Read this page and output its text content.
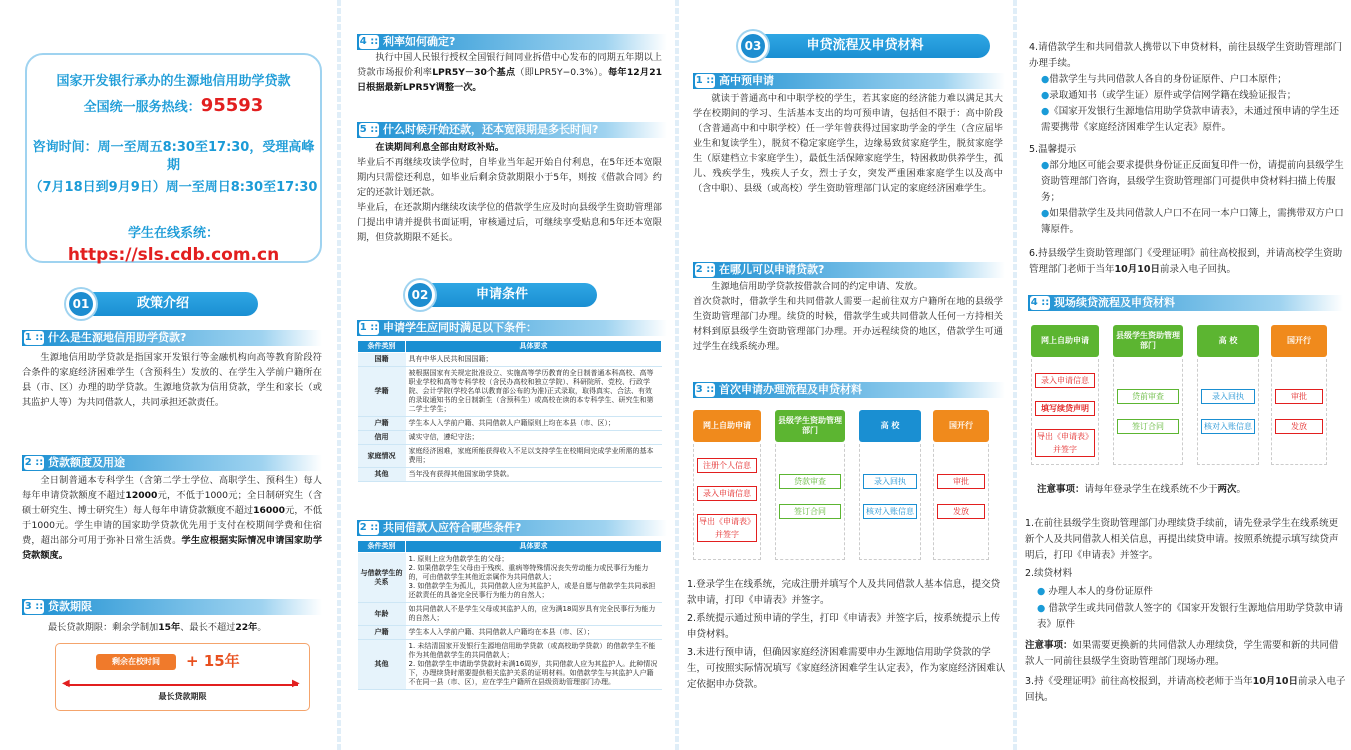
国家开发银行承办的生源地信用助学贷款
全国统一服务热线：95593
咨询时间：周一至周五8:30至17:30，受理高峰期
（7月18日到9月9日）周一至周日8:30至17:30
学生在线系统：
https://sls.cdb.com.cn
01	政策介绍
1 :: 什么是生源地信用助学贷款?
生源地信用助学贷款是指国家开发银行等金融机构向高等教育阶段符合条件的家庭经济困难学生（含预科生）发放的、在学生入学前户籍所在县（市、区）办理的助学贷款。生源地贷款为信用贷款，学生和家长（或其监护人等）为共同借款人，共同承担还款责任。
2 :: 贷款额度及用途
全日制普通本专科学生（含第二学士学位、高职学生、预科生）每人每年申请贷款额度不超过12000元，不低于1000元；全日制研究生（含硕士研究生、博士研究生）每人每年申请贷款额度不超过16000元，不低于1000元。学生申请的国家助学贷款优先用于支付在校期间学费和住宿费，超出部分可用于弥补日常生活费。学生应根据实际情况申请国家助学贷款额度。
3 :: 贷款期限
最长贷款期限：剩余学制加15年、最长不超过22年。
剩余在校时间	+ 15年
◀	▶
最长贷款期限
4 :: 利率如何确定?
执行中国人民银行授权全国银行间同业拆借中心发布的同期五年期以上贷款市场报价利率LPR5Y－30个基点（即LPR5Y−0.3%）。每年12月21日根据最新LPR5Y调整一次。
5 :: 什么时候开始还款，还本宽限期是多长时间?
在读期间利息全部由财政补贴。
毕业后不再继续攻读学位时，自毕业当年起开始自付利息，在5年还本宽限期内只需偿还利息，如毕业后剩余贷款期限小于5年，则按《借款合同》约定的还款计划还款。
毕业后，在还款期内继续攻读学位的借款学生应及时向县级学生资助管理部门提出申请并提供书面证明，审核通过后，可继续享受贴息和5年还本宽限期，但贷款期限不延长。
02	申请条件
1 :: 申请学生应同时满足以下条件：
条件类别	具体要求
国籍	具有中华人民共和国国籍；
学籍	被根据国家有关规定批准设立、实施高等学历教育的全日制普通本科高校、高等职业学校和高等专科学校（含民办高校和独立学院）、科研院所、党校、行政学院、会计学院(学校名单以教育部公布的为准)正式录取，取得真实、合法、有效的录取通知书的全日制新生（含预科生）或高校在读的本专科学生、研究生和第二学士学生；
户籍	学生本人入学前户籍、共同借款人户籍原则上均在本县（市、区）；
信用	诚实守信，遵纪守法；
家庭情况	家庭经济困难，家庭所能获得收入不足以支持学生在校期间完成学业所需的基本费用；
其他	当年没有获得其他国家助学贷款。
2 :: 共同借款人应符合哪些条件?
条件类别	具体要求
与借款学生的关系	1. 原则上应为借款学生的父母；
2. 如果借款学生父母由于残疾、重病等特殊情况丧失劳动能力或民事行为能力的，可由借款学生其他近亲属作为共同借款人；
3. 如借款学生为孤儿，共同借款人应为其监护人，或是自愿与借款学生共同承担还款责任的具备完全民事行为能力的自然人；
年龄	如共同借款人不是学生父母或其监护人的，应为满18周岁具有完全民事行为能力的自然人；
户籍	学生本人入学前户籍、共同借款人户籍均在本县（市、区）；
其他	1. 未结清国家开发银行生源地信用助学贷款（或高校助学贷款）的借款学生不能作为其他借款学生的共同借款人；
2. 如借款学生申请助学贷款时未满16周岁，共同借款人应为其监护人。此种情况下，办理续贷时需要提供相关监护关系的证明材料。如借款学生与其监护人户籍不在同一县（市、区），应在学生户籍所在县级资助管理部门办理。
03	申贷流程及申贷材料
1 :: 高中预申请
就读于普通高中和中职学校的学生，若其家庭的经济能力难以满足其大学在校期间的学习、生活基本支出的均可预申请，包括但不限于：高中阶段（含普通高中和中职学校）任一学年曾获得过国家助学金的学生（含应届毕业生和复读学生），脱贫不稳定家庭学生，边缘易致贫家庭学生，脱贫家庭学生（原建档立卡家庭学生），最低生活保障家庭学生，特困救助供养学生，孤儿、残疾学生，残疾人子女，烈士子女，突发严重困难家庭学生以及高中（含中职）、县级（或高校）学生资助管理部门认定的家庭经济困难学生。
2 :: 在哪儿可以申请贷款?
生源地信用助学贷款按借款合同的约定申请、发放。
首次贷款时，借款学生和共同借款人需要一起前往双方户籍所在地的县级学生资助管理部门办理。续贷的时候，借款学生或共同借款人任何一方持相关材料到原县级学生资助管理部门办理。开办远程续贷的地区，借款学生可通过学生在线系统办理。
3 :: 首次申请办理流程及申贷材料
网上自助申请
县级学生资助管理部门
高 校	国开行
注册个人信息
录入申请信息
导出《申请表》并签字
贷款审查
签订合同
录入回执
核对入账信息
审批
发放
1.登录学生在线系统，完成注册并填写个人及共同借款人基本信息，提交贷款申请，打印《申请表》并签字。
2.系统提示通过预申请的学生，打印《申请表》并签字后，按系统提示上传申贷材料。
3.未进行预申请，但确因家庭经济困难需要申办生源地信用助学贷款的学生，可按照实际情况填写《家庭经济困难学生认定表》，作为家庭经济困难认定依据申办贷款。
4.请借款学生和共同借款人携带以下申贷材料，前往县级学生资助管理部门办理手续。
●借款学生与共同借款人各自的身份证原件、户口本原件；
●录取通知书（或学生证）原件或学信网学籍在线验证报告；
●《国家开发银行生源地信用助学贷款申请表》，未通过预申请的学生还需要携带《家庭经济困难学生认定表》原件。
5.温馨提示
●部分地区可能会要求提供身份证正反面复印件一份，请提前向县级学生资助管理部门咨询，县级学生资助管理部门可提供申贷材料扫描上传服务；
●如果借款学生及共同借款人户口不在同一本户口簿上，需携带双方户口簿原件。
6.持县级学生资助管理部门《受理证明》前往高校报到，并请高校学生资助管理部门老师于当年10月10日前录入电子回执。
4 :: 现场续贷流程及申贷材料
网上自助申请
县级学生资助管理部门
高 校	国开行
录入申请信息
填写续贷声明
导出《申请表》并签字
贷前审查
签订合同
录入回执
核对入账信息
审批
发放
注意事项：请每年登录学生在线系统不少于两次。
1.在前往县级学生资助管理部门办理续贷手续前，请先登录学生在线系统更新个人及共同借款人相关信息，再提出续贷申请。按照系统提示填写续贷声明后，打印《申请表》并签字。
2.续贷材料
● 办理人本人的身份证原件
● 借款学生或共同借款人签字的《国家开发银行生源地信用助学贷款申请表》原件
注意事项：如果需要更换新的共同借款人办理续贷，学生需要和新的共同借款人一同前往县级学生资助管理部门现场办理。
3.持《受理证明》前往高校报到，并请高校老师于当年10月10日前录入电子回执。
